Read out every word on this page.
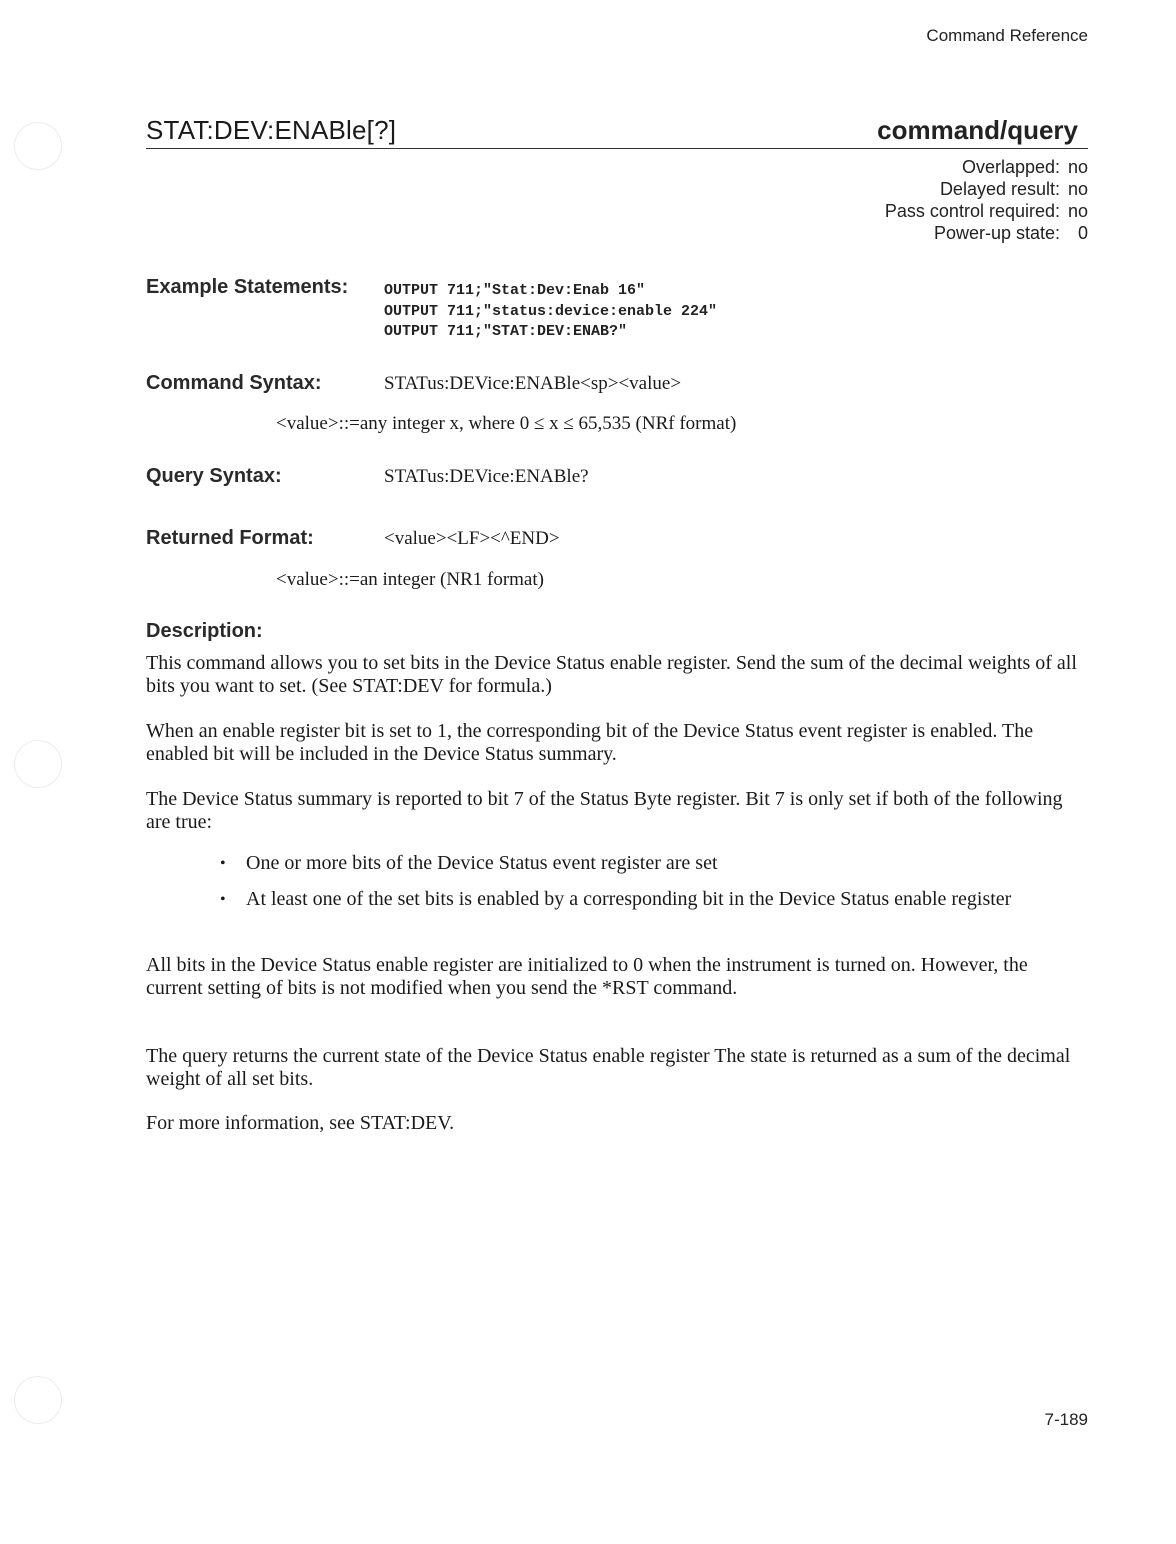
Command Reference
STAT:DEV:ENABle[?]	command/query
Overlapped: no
Delayed result: no
Pass control required: no
Power-up state: 0
Example Statements: OUTPUT 711;"Stat:Dev:Enab 16"
OUTPUT 711;"status:device:enable 224"
OUTPUT 711;"STAT:DEV:ENAB?"
Command Syntax:	STATus:DEVice:ENABle<sp><value>
<value>::=any integer x, where 0 ≤ x ≤ 65,535 (NRf format)
Query Syntax:	STATus:DEVice:ENABle?
Returned Format:	<value><LF><^END>
<value>::=an integer (NR1 format)
Description:

This command allows you to set bits in the Device Status enable register. Send the sum of the decimal weights of all bits you want to set. (See STAT:DEV for formula.)

When an enable register bit is set to 1, the corresponding bit of the Device Status event register is enabled. The enabled bit will be included in the Device Status summary.

The Device Status summary is reported to bit 7 of the Status Byte register. Bit 7 is only set if both of the following are true:

• One or more bits of the Device Status event register are set
• At least one of the set bits is enabled by a corresponding bit in the Device Status enable register

All bits in the Device Status enable register are initialized to 0 when the instrument is turned on. However, the current setting of bits is not modified when you send the *RST command.

The query returns the current state of the Device Status enable register The state is returned as a sum of the decimal weight of all set bits.

For more information, see STAT:DEV.

7-189
